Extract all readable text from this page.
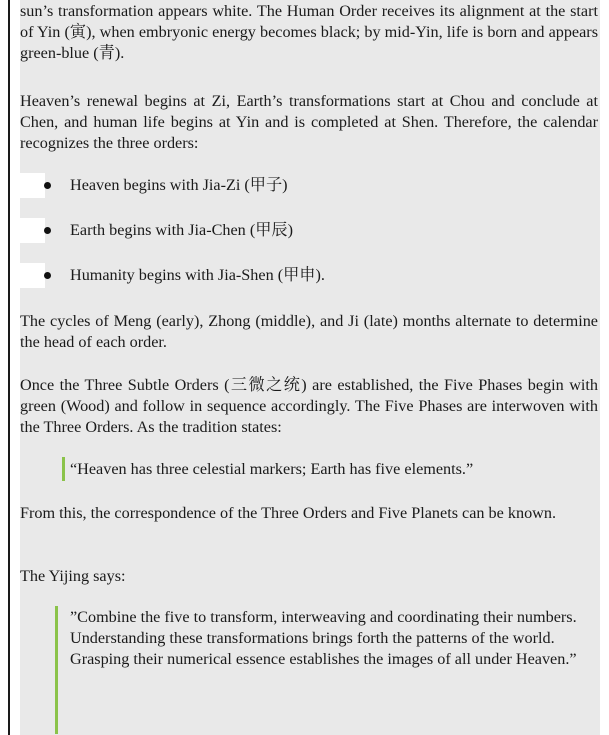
sun’s transformation appears white. The Human Order receives its alignment at the start of Yin (寅), when embryonic energy becomes black; by mid-Yin, life is born and appears green-blue (青).

Heaven’s renewal begins at Zi, Earth’s transformations start at Chou and conclude at Chen, and human life begins at Yin and is completed at Shen. Therefore, the calendar recognizes the three orders:

Heaven begins with Jia-Zi (甲子)
Earth begins with Jia-Chen (甲辰)
Humanity begins with Jia-Shen (甲申).

The cycles of Meng (early), Zhong (middle), and Ji (late) months alternate to determine the head of each order.

Once the Three Subtle Orders (三微之统) are established, the Five Phases begin with green (Wood) and follow in sequence accordingly. The Five Phases are interwoven with the Three Orders. As the tradition states:

“Heaven has three celestial markers; Earth has five elements.”

From this, the correspondence of the Three Orders and Five Planets can be known.

The Yijing says:

”Combine the five to transform, interweaving and coordinating their numbers.
Understanding these transformations brings forth the patterns of the world.
Grasping their numerical essence establishes the images of all under Heaven.”
